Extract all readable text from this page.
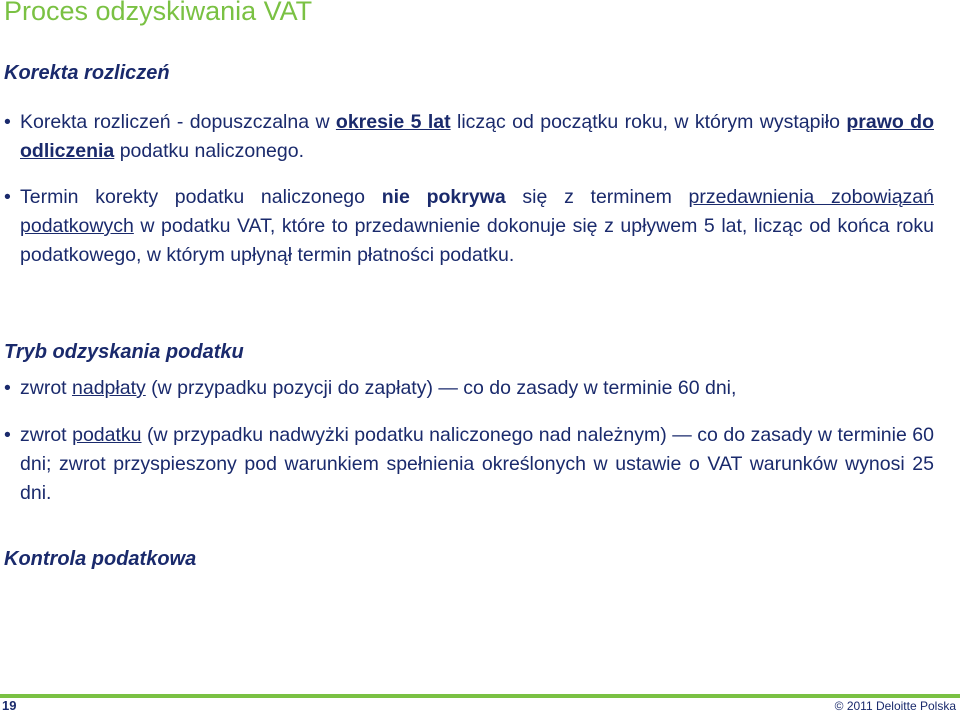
Proces odzyskiwania VAT
Korekta rozliczeń
• Korekta rozliczeń - dopuszczalna w okresie 5 lat licząc od początku roku, w którym wystąpiło prawo do odliczenia podatku naliczonego.
• Termin korekty podatku naliczonego nie pokrywa się z terminem przedawnienia zobowiązań podatkowych w podatku VAT, które to przedawnienie dokonuje się z upływem 5 lat, licząc od końca roku podatkowego, w którym upłynął termin płatności podatku.
Tryb odzyskania podatku
• zwrot nadpłaty (w przypadku pozycji do zapłaty) — co do zasady w terminie 60 dni,
• zwrot podatku (w przypadku nadwyżki podatku naliczonego nad należnym) — co do zasady w terminie 60 dni; zwrot przyspieszony pod warunkiem spełnienia określonych w ustawie o VAT warunków wynosi 25 dni.
Kontrola podatkowa
19	© 2011 Deloitte Polska
